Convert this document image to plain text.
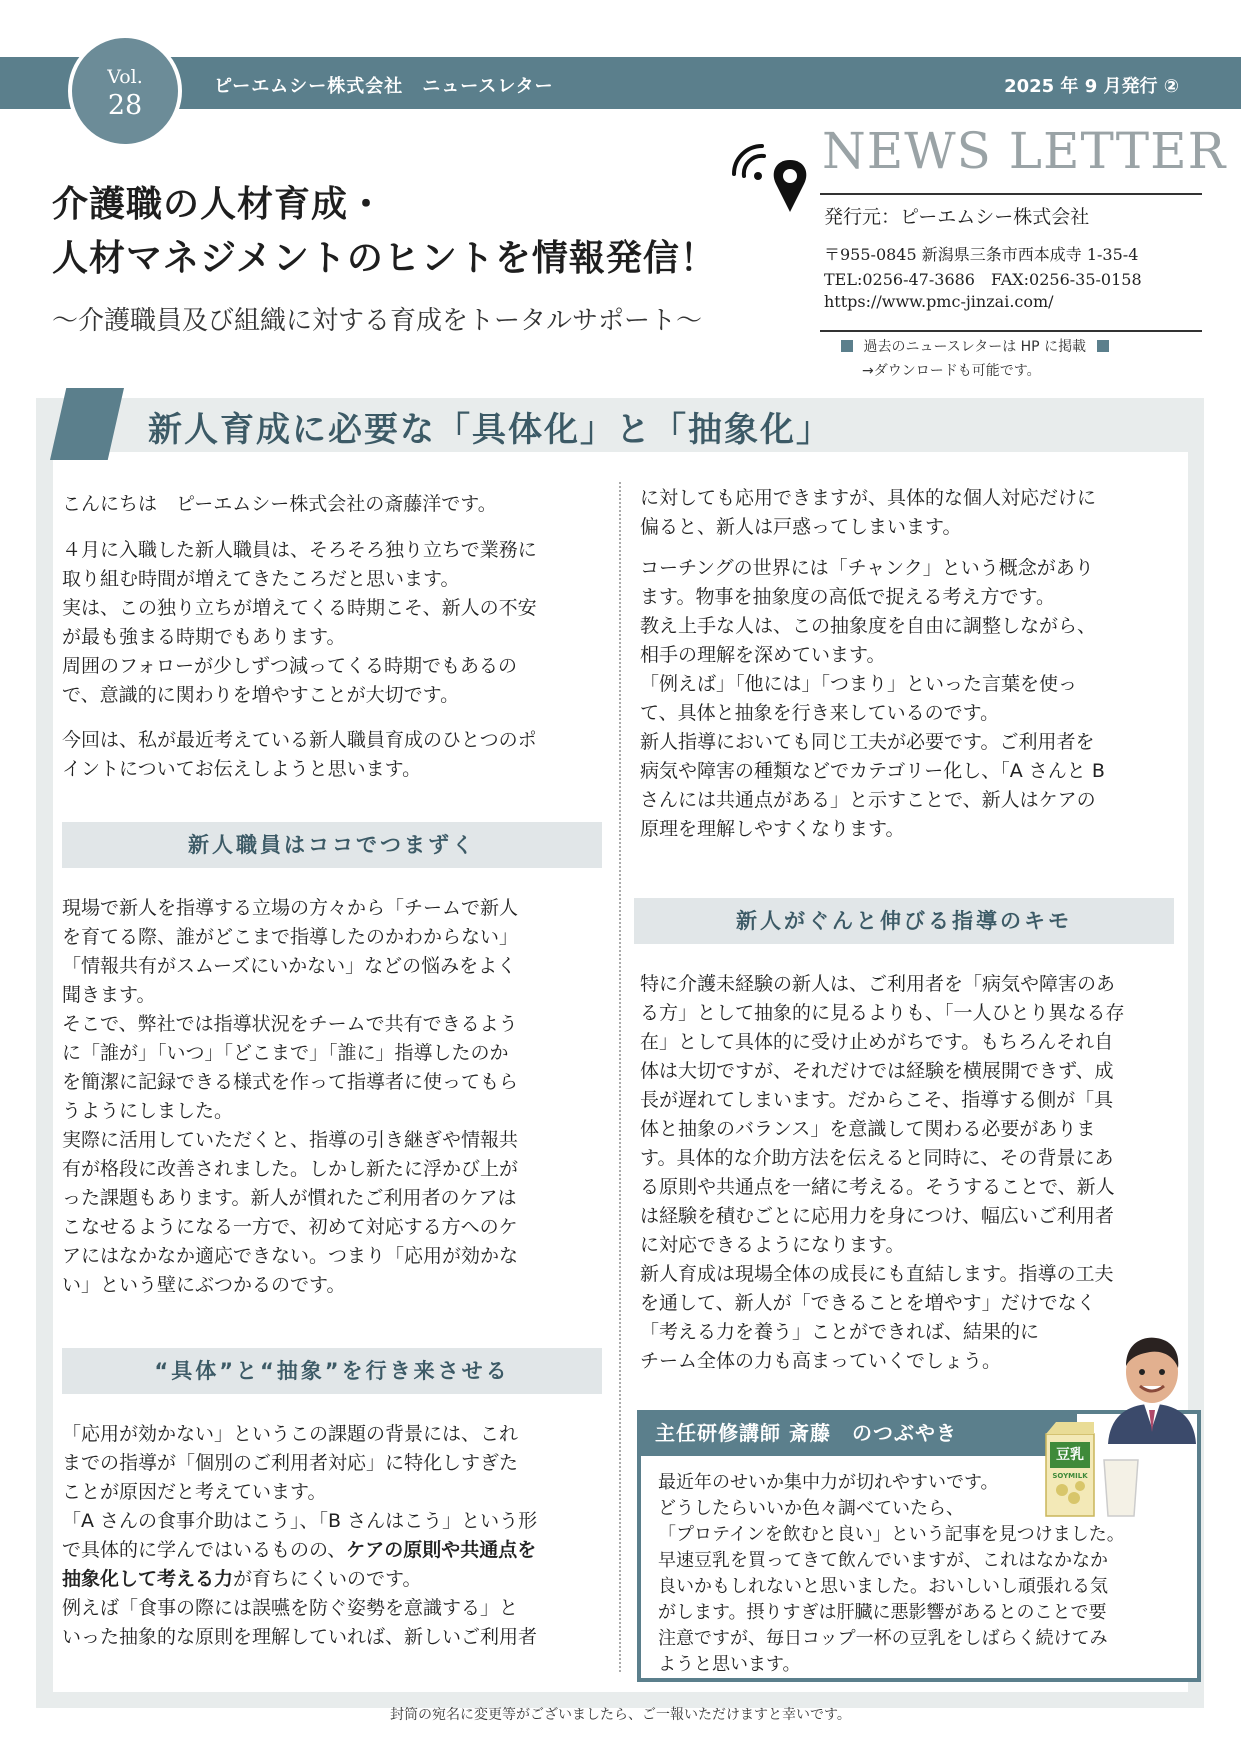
Vol.
28
ピーエムシー株式会社　ニュースレター	2025 年 9 月発行 ②
介護職の人材育成・
人材マネジメントのヒントを情報発信！
〜介護職員及び組織に対する育成をトータルサポート〜
NEWS LETTER
発行元：ピーエムシー株式会社
〒955-0845 新潟県三条市西本成寺 1-35-4
TEL:0256-47-3686　FAX:0256-35-0158
https://www.pmc-jinzai.com/
過去のニュースレターは HP に掲載
→ダウンロードも可能です。
新人育成に必要な「具体化」と「抽象化」
こんにちは　ピーエムシー株式会社の斎藤洋です。
４月に入職した新人職員は、そろそろ独り立ちで業務に
取り組む時間が増えてきたころだと思います。
実は、この独り立ちが増えてくる時期こそ、新人の不安
が最も強まる時期でもあります。
周囲のフォローが少しずつ減ってくる時期でもあるの
で、意識的に関わりを増やすことが大切です。
今回は、私が最近考えている新人職員育成のひとつのポ
イントについてお伝えしようと思います。
新人職員はココでつまずく
現場で新人を指導する立場の方々から「チームで新人
を育てる際、誰がどこまで指導したのかわからない」
「情報共有がスムーズにいかない」などの悩みをよく
聞きます。
そこで、弊社では指導状況をチームで共有できるよう
に「誰が」「いつ」「どこまで」「誰に」指導したのか
を簡潔に記録できる様式を作って指導者に使ってもら
うようにしました。
実際に活用していただくと、指導の引き継ぎや情報共
有が格段に改善されました。しかし新たに浮かび上が
った課題もあります。新人が慣れたご利用者のケアは
こなせるようになる一方で、初めて対応する方へのケ
アにはなかなか適応できない。つまり「応用が効かな
い」という壁にぶつかるのです。
“具体”と“抽象”を行き来させる
「応用が効かない」というこの課題の背景には、これ
までの指導が「個別のご利用者対応」に特化しすぎた
ことが原因だと考えています。
「A さんの食事介助はこう」、「B さんはこう」という形
で具体的に学んではいるものの、ケアの原則や共通点を
抽象化して考える力が育ちにくいのです。
例えば「食事の際には誤嚥を防ぐ姿勢を意識する」と
いった抽象的な原則を理解していれば、新しいご利用者
に対しても応用できますが、具体的な個人対応だけに
偏ると、新人は戸惑ってしまいます。
コーチングの世界には「チャンク」という概念があり
ます。物事を抽象度の高低で捉える考え方です。
教え上手な人は、この抽象度を自由に調整しながら、
相手の理解を深めています。
「例えば」「他には」「つまり」といった言葉を使っ
て、具体と抽象を行き来しているのです。
新人指導においても同じ工夫が必要です。ご利用者を
病気や障害の種類などでカテゴリー化し、「A さんと B
さんには共通点がある」と示すことで、新人はケアの
原理を理解しやすくなります。
新人がぐんと伸びる指導のキモ
特に介護未経験の新人は、ご利用者を「病気や障害のあ
る方」として抽象的に見るよりも、「一人ひとり異なる存
在」として具体的に受け止めがちです。もちろんそれ自
体は大切ですが、それだけでは経験を横展開できず、成
長が遅れてしまいます。だからこそ、指導する側が「具
体と抽象のバランス」を意識して関わる必要がありま
す。具体的な介助方法を伝えると同時に、その背景にあ
る原則や共通点を一緒に考える。そうすることで、新人
は経験を積むごとに応用力を身につけ、幅広いご利用者
に対応できるようになります。
新人育成は現場全体の成長にも直結します。指導の工夫
を通して、新人が「できることを増やす」だけでなく
「考える力を養う」ことができれば、結果的に
チーム全体の力も高まっていくでしょう。
主任研修講師 斎藤　のつぶやき
最近年のせいか集中力が切れやすいです。
どうしたらいいか色々調べていたら、
「プロテインを飲むと良い」という記事を見つけました。
早速豆乳を買ってきて飲んでいますが、これはなかなか
良いかもしれないと思いました。おいしいし頑張れる気
がします。摂りすぎは肝臓に悪影響があるとのことで要
注意ですが、毎日コップ一杯の豆乳をしばらく続けてみ
ようと思います。
豆乳
SOYMILK
封筒の宛名に変更等がございましたら、ご一報いただけますと幸いです。
